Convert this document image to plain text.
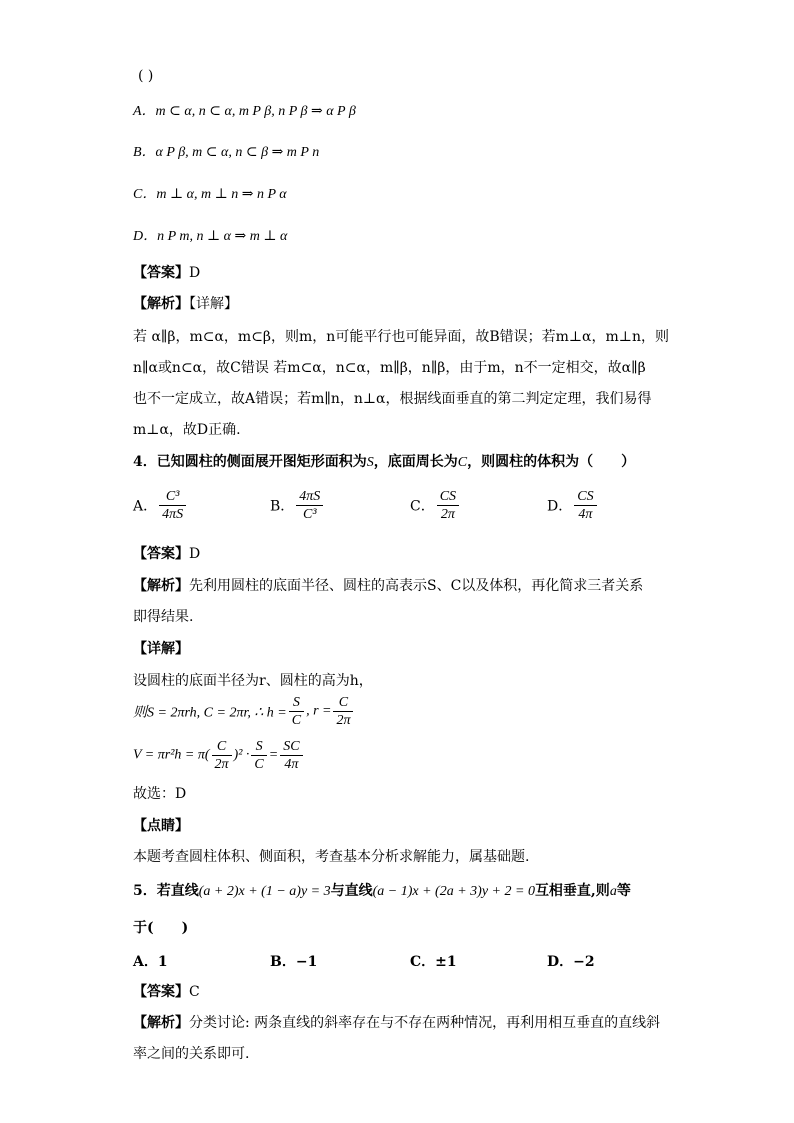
( )
A．m ⊂ α, n ⊂ α, m P β, n P β ⇒ α P β
B．α P β, m ⊂ α, n ⊂ β ⇒ m P n
C．m ⊥ α, m ⊥ n ⇒ n P α
D．n P m, n ⊥ α ⇒ m ⊥ α
【答案】D
【解析】【详解】
若 α∥β，m⊂α，m⊂β，则m，n可能平行也可能异面，故B错误；若m⊥α，m⊥n，则
n∥α或n⊂α，故C错误 若m⊂α，n⊂α，m∥β，n∥β，由于m，n不一定相交，故α∥β
也不一定成立，故A错误；若m∥n，n⊥α，根据线面垂直的第二判定定理，我们易得
m⊥α，故D正确.
4．已知圆柱的侧面展开图矩形面积为S，底面周长为C，则圆柱的体积为（　　）
A． $\frac{\text{C³}}{4\pi S}$	B． $\frac{4\pi S}{\text{C³}}$	C． $\frac{CS}{2\pi}$	D． $\frac{CS}{4\pi}$
【答案】D
【解析】先利用圆柱的底面半径、圆柱的高表示S、C以及体积，再化简求三者关系
即得结果.
【详解】
设圆柱的底面半径为r、圆柱的高为h，
则S = 2πrh, C = 2πr, ∴ $h = \frac{S}{C}$ , $r = \frac{C}{2\pi}$
$V = \pi r^2h = \pi( \frac{C}{2\pi} )^2 \cdot \frac{S}{C} = \frac{SC}{4\pi}$
故选：D
【点睛】
本题考查圆柱体积、侧面积，考查基本分析求解能力，属基础题.
5．若直线(a + 2)x + (1 − a)y = 3与直线(a − 1)x + (2a + 3)y + 2 = 0互相垂直,则a等
于(　　)
A．1	B．−1	C．±1	D．−2
【答案】C
【解析】分类讨论: 两条直线的斜率存在与不存在两种情况，再利用相互垂直的直线斜
率之间的关系即可.
